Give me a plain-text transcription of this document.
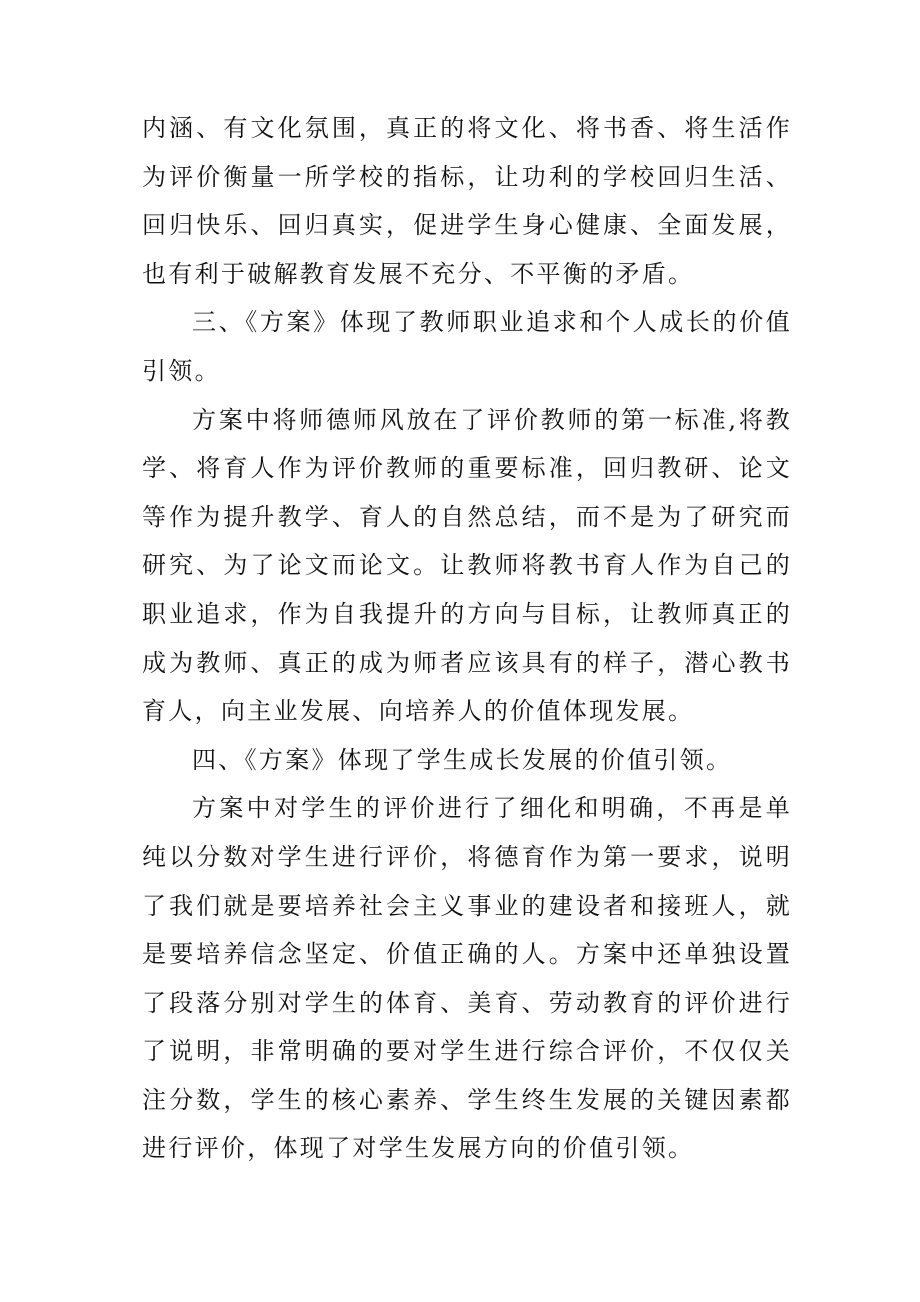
内涵、有文化氛围，真正的将文化、将书香、将生活作为评价衡量一所学校的指标，让功利的学校回归生活、回归快乐、回归真实，促进学生身心健康、全面发展，也有利于破解教育发展不充分、不平衡的矛盾。

三、《方案》体现了教师职业追求和个人成长的价值引领。

方案中将师德师风放在了评价教师的第一标准,将教学、将育人作为评价教师的重要标准，回归教研、论文等作为提升教学、育人的自然总结，而不是为了研究而研究、为了论文而论文。让教师将教书育人作为自己的职业追求，作为自我提升的方向与目标，让教师真正的成为教师、真正的成为师者应该具有的样子，潜心教书育人，向主业发展、向培养人的价值体现发展。

四、《方案》体现了学生成长发展的价值引领。

方案中对学生的评价进行了细化和明确，不再是单纯以分数对学生进行评价，将德育作为第一要求，说明了我们就是要培养社会主义事业的建设者和接班人，就是要培养信念坚定、价值正确的人。方案中还单独设置了段落分别对学生的体育、美育、劳动教育的评价进行了说明，非常明确的要对学生进行综合评价，不仅仅关注分数，学生的核心素养、学生终生发展的关键因素都进行评价，体现了对学生发展方向的价值引领。
